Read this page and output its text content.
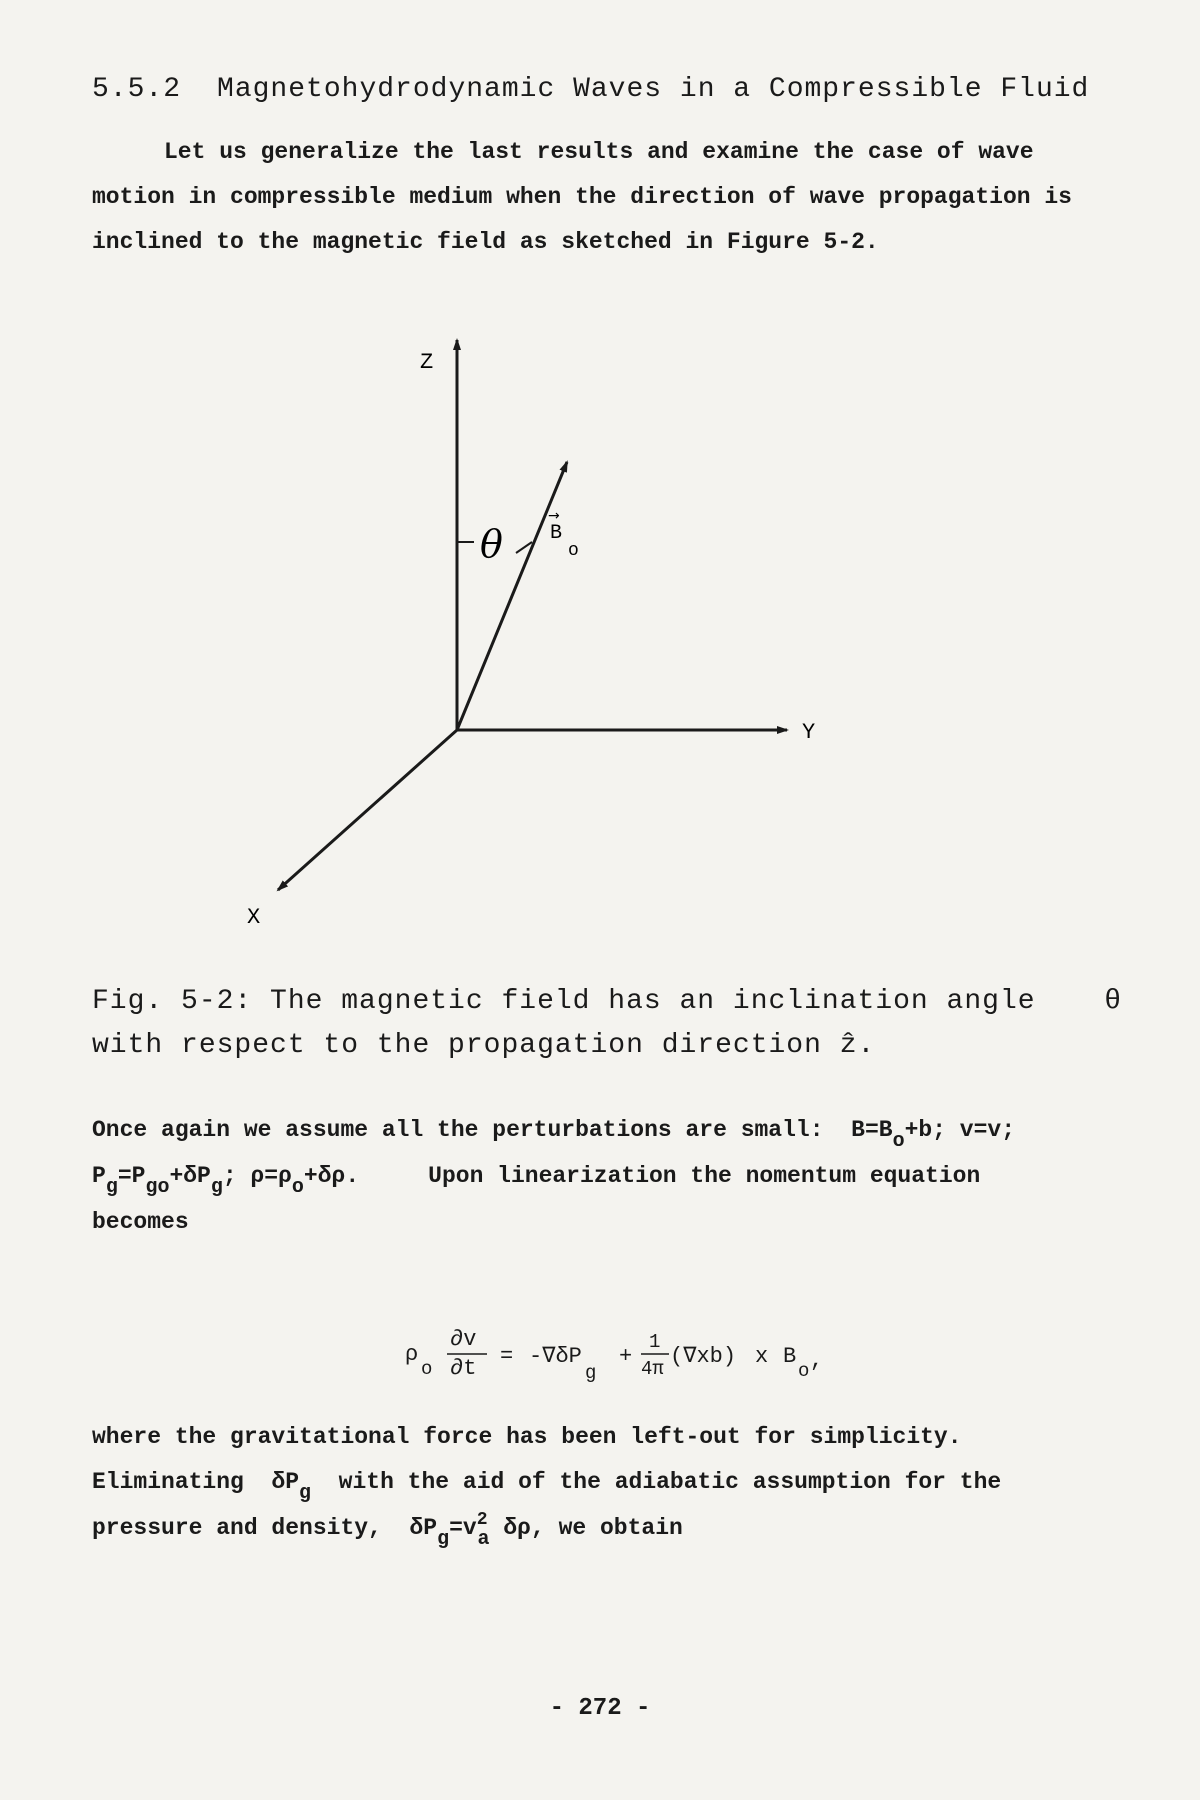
5.5.2 Magnetohydrodynamic Waves in a Compressible Fluid
Let us generalize the last results and examine the case of wave motion in compressible medium when the direction of wave propagation is inclined to the magnetic field as sketched in Figure 5-2.
Z
Y
X
θ
→
B
o
Fig. 5-2: The magnetic field has an inclination angle θ
with respect to the propagation direction ẑ.
Once again we assume all the perturbations are small: B=Bo+b; v=v;
Pg=Pgo+δPg; ρ=ρo+δρ.	Upon linearization the nomentum equation
becomes
ρ
o
∂v
∂t = -∇δP
g
+
1
4π (∇xb) x B
o ,
where the gravitational force has been left-out for simplicity.
Eliminating δPg with the aid of the adiabatic assumption for the
pressure and density, $\delta Pg=v^2a$ δρ, we obtain
- 272 -
